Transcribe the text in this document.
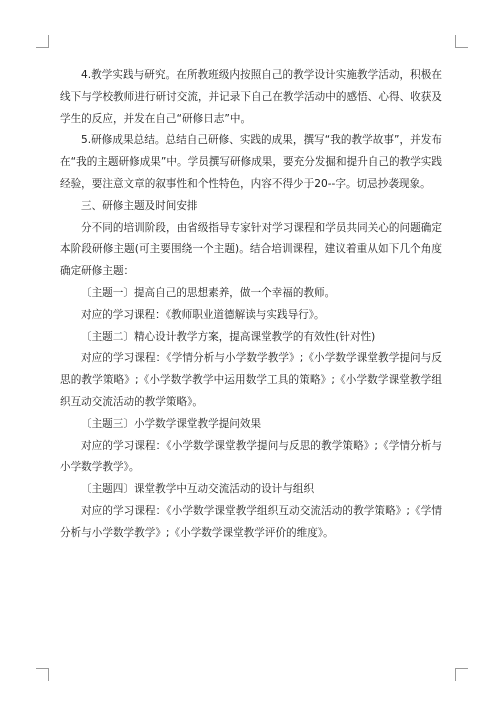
4.教学实践与研究。在所教班级内按照自己的教学设计实施教学活动，积极在线下与学校教师进行研讨交流，并记录下自己在教学活动中的感悟、心得、收获及学生的反应，并发在自己“研修日志”中。

5.研修成果总结。总结自己研修、实践的成果，撰写“我的教学故事”，并发布在“我的主题研修成果”中。学员撰写研修成果，要充分发掘和提升自己的教学实践经验，要注意文章的叙事性和个性特色，内容不得少于20--字。切忌抄袭现象。

三、研修主题及时间安排

分不同的培训阶段，由省级指导专家针对学习课程和学员共同关心的问题确定本阶段研修主题(可主要围绕一个主题)。结合培训课程，建议着重从如下几个角度确定研修主题：

〔主题一〕提高自己的思想素养，做一个幸福的教师。

对应的学习课程：《教师职业道德解读与实践导行》。

〔主题二〕精心设计教学方案，提高课堂教学的有效性(针对性)

对应的学习课程：《学情分析与小学数学教学》;《小学数学课堂教学提问与反思的教学策略》;《小学数学教学中运用数学工具的策略》;《小学数学课堂教学组织互动交流活动的教学策略》。

〔主题三〕小学数学课堂教学提问效果

对应的学习课程：《小学数学课堂教学提问与反思的教学策略》;《学情分析与小学数学教学》。

〔主题四〕课堂教学中互动交流活动的设计与组织

对应的学习课程：《小学数学课堂教学组织互动交流活动的教学策略》;《学情分析与小学数学教学》;《小学数学课堂教学评价的维度》。
